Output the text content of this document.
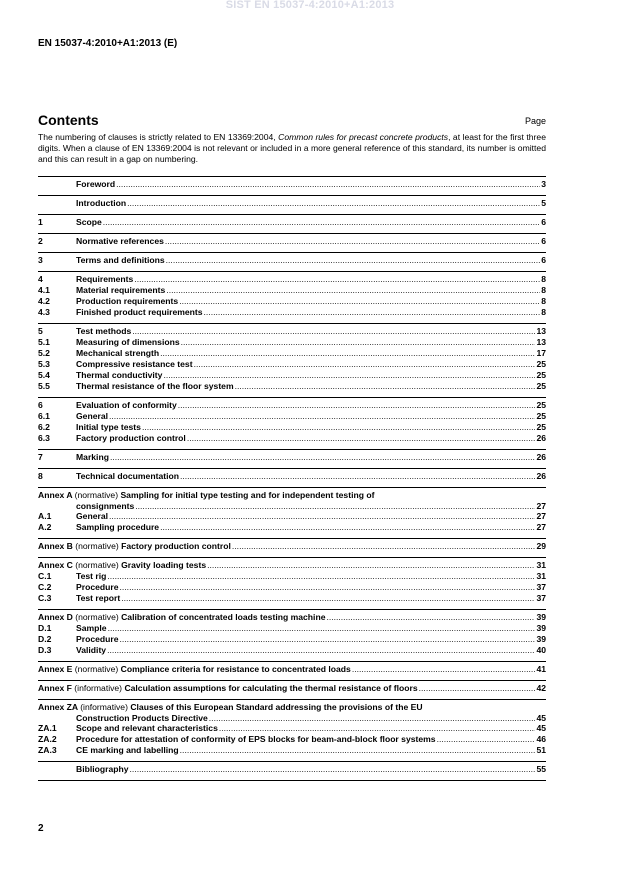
SIST EN 15037-4:2010+A1:2013
EN 15037-4:2010+A1:2013 (E)
Contents	Page
The numbering of clauses is strictly related to EN 13369:2004, Common rules for precast concrete products, at least for the first three digits. When a clause of EN 13369:2004 is not relevant or included in a more general reference of this standard, its number is omitted and this can result in a gap on numbering.
Foreword .....	3
Introduction .....	5
1	Scope .....	6
2	Normative references .....	6
3	Terms and definitions .....	6
4	Requirements .....	8
4.1	Material requirements .....	8
4.2	Production requirements .....	8
4.3	Finished product requirements .....	8
5	Test methods .....	13
5.1	Measuring of dimensions .....	13
5.2	Mechanical strength .....	17
5.3	Compressive resistance test .....	25
5.4	Thermal conductivity .....	25
5.5	Thermal resistance of the floor system .....	25
6	Evaluation of conformity .....	25
6.1	General .....	25
6.2	Initial type tests .....	25
6.3	Factory production control .....	26
7	Marking .....	26
8	Technical documentation .....	26
Annex A (normative) Sampling for initial type testing and for independent testing of
consignments .....	27
A.1	General .....	27
A.2	Sampling procedure .....	27
Annex B (normative) Factory production control .....	29
Annex C (normative) Gravity loading tests .....	31
C.1	Test rig .....	31
C.2	Procedure .....	37
C.3	Test report .....	37
Annex D (normative) Calibration of concentrated loads testing machine .....	39
D.1	Sample .....	39
D.2	Procedure .....	39
D.3	Validity .....	40
Annex E (normative) Compliance criteria for resistance to concentrated loads .....	41
Annex F (informative) Calculation assumptions for calculating the thermal resistance of floors .....	42
Annex ZA (informative) Clauses of this European Standard addressing the provisions of the EU
Construction Products Directive .....	45
ZA.1	Scope and relevant characteristics .....	45
ZA.2	Procedure for attestation of conformity of EPS blocks for beam-and-block floor systems .....	46
ZA.3	CE marking and labelling .....	51
Bibliography .....	55
2
